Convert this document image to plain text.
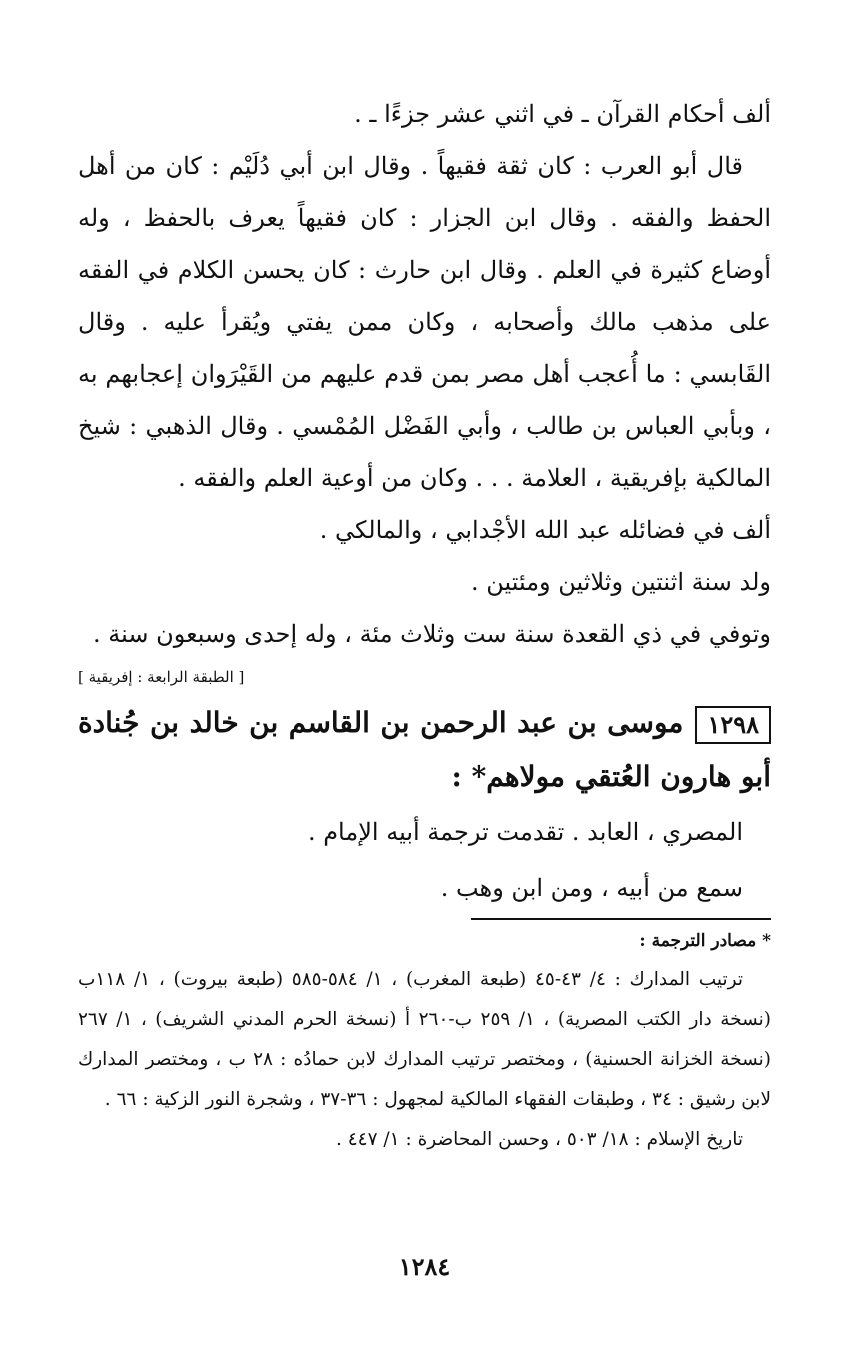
ألف أحكام القرآن ـ في اثني عشر جزءًا ـ .

قال أبو العرب : كان ثقة فقيهاً . وقال ابن أبي دُلَيْم : كان من أهل الحفظ والفقه . وقال ابن الجزار : كان فقيهاً يعرف بالحفظ ، وله أوضاع كثيرة في العلم . وقال ابن حارث : كان يحسن الكلام في الفقه على مذهب مالك وأصحابه ، وكان ممن يفتي ويُقرأ عليه . وقال القَابسي : ما أُعجب أهل مصر بمن قدم عليهم من القَيْرَوان إعجابهم به ، وبأبي العباس بن طالب ، وأبي الفَضْل المُمْسي . وقال الذهبي : شيخ المالكية بإفريقية ، العلامة . . . وكان من أوعية العلم والفقه .

ألف في فضائله عبد الله الأجْدابي ، والمالكي .

ولد سنة اثنتين وثلاثين ومئتين .

وتوفي في ذي القعدة سنة ست وثلاث مئة ، وله إحدى وسبعون سنة .

[ الطبقة الرابعة : إفريقية ]
١٢٩٨موسى بن عبد الرحمن بن القاسم بن خالد بن جُنادة أبو هارون العُتقي مولاهم* :

المصري ، العابد . تقدمت ترجمة أبيه الإمام .

سمع من أبيه ، ومن ابن وهب .

* مصادر الترجمة :

ترتيب المدارك : ٤/ ٤٣-٤٥ (طبعة المغرب) ، ١/ ٥٨٤-٥٨٥ (طبعة بيروت) ، ١/ ١١٨ب (نسخة دار الكتب المصرية) ، ١/ ٢٥٩ ب-٢٦٠ أ (نسخة الحرم المدني الشريف) ، ١/ ٢٦٧ (نسخة الخزانة الحسنية) ، ومختصر ترتيب المدارك لابن حمادُه : ٢٨ ب ، ومختصر المدارك لابن رشيق : ٣٤ ، وطبقات الفقهاء المالكية لمجهول : ٣٦-٣٧ ، وشجرة النور الزكية : ٦٦ .

تاريخ الإسلام : ١٨/ ٥٠٣ ، وحسن المحاضرة : ١/ ٤٤٧ .

١٢٨٤
